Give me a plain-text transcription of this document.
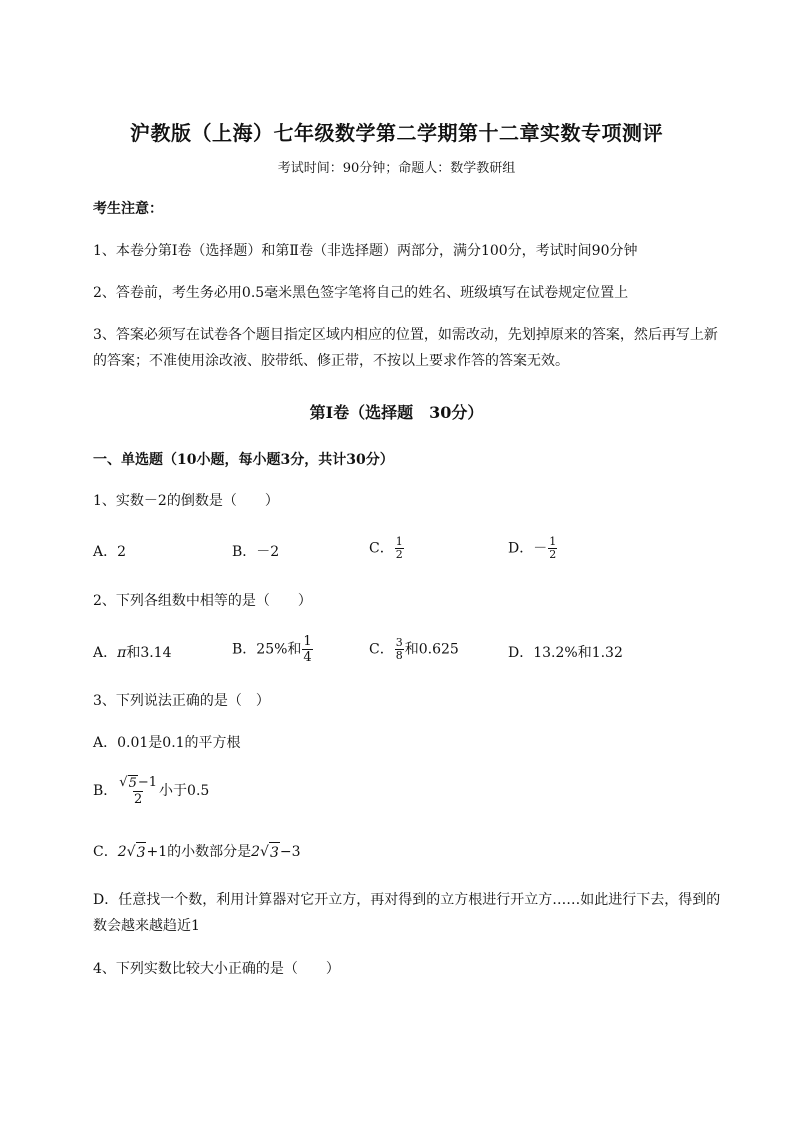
沪教版（上海）七年级数学第二学期第十二章实数专项测评
考试时间：90分钟；命题人：数学教研组
考生注意：
1、本卷分第Ⅰ卷（选择题）和第Ⅱ卷（非选择题）两部分，满分100分，考试时间90分钟
2、答卷前，考生务必用0.5毫米黑色签字笔将自己的姓名、班级填写在试卷规定位置上
3、答案必须写在试卷各个题目指定区域内相应的位置，如需改动，先划掉原来的答案，然后再写上新
的答案；不准使用涂改液、胶带纸、修正带，不按以上要求作答的答案无效。
第Ⅰ卷（选择题　30分）
一、单选题（10小题，每小题3分，共计30分）
1、实数－2的倒数是（　　）
A．2	B．－2	C． $\frac{1}{2}$	D．－ $\frac{1}{2}$
2、下列各组数中相等的是（　　）
A．π和3.14	B．25%和 $\frac{1}{4}$	C． $\frac{3}{8}$ 和0.625	D．13.2%和1.32
3、下列说法正确的是（　）
A．0.01是0.1的平方根
B． $\frac{√ 5 -1}{2}$ 小于0.5
C．2 √ 3 +1的小数部分是2 √ 3 −3
D．任意找一个数，利用计算器对它开立方，再对得到的立方根进行开立方……如此进行下去，得到的
数会越来越趋近1
4、下列实数比较大小正确的是（　　）
